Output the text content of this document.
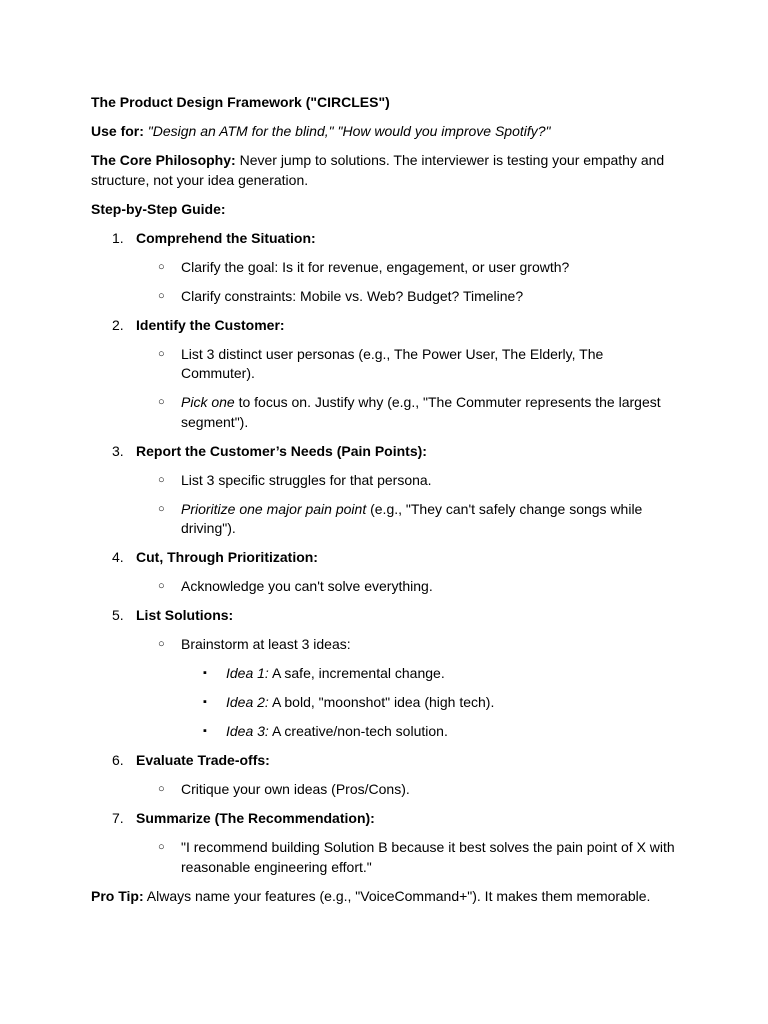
The Product Design Framework ("CIRCLES")

Use for: "Design an ATM for the blind," "How would you improve Spotify?"

The Core Philosophy: Never jump to solutions. The interviewer is testing your empathy and structure, not your idea generation.

Step-by-Step Guide:

1. Comprehend the Situation:
○ Clarify the goal: Is it for revenue, engagement, or user growth?
○ Clarify constraints: Mobile vs. Web? Budget? Timeline?
2. Identify the Customer:
○ List 3 distinct user personas (e.g., The Power User, The Elderly, The Commuter).
○ Pick one to focus on. Justify why (e.g., "The Commuter represents the largest segment").
3. Report the Customer’s Needs (Pain Points):
○ List 3 specific struggles for that persona.
○ Prioritize one major pain point (e.g., "They can't safely change songs while driving").
4. Cut, Through Prioritization:
○ Acknowledge you can't solve everything.
5. List Solutions:
○ Brainstorm at least 3 ideas:
▪ Idea 1: A safe, incremental change.
▪ Idea 2: A bold, "moonshot" idea (high tech).
▪ Idea 3: A creative/non-tech solution.
6. Evaluate Trade-offs:
○ Critique your own ideas (Pros/Cons).
7. Summarize (The Recommendation):
○ "I recommend building Solution B because it best solves the pain point of X with reasonable engineering effort."

Pro Tip: Always name your features (e.g., "VoiceCommand+"). It makes them memorable.
